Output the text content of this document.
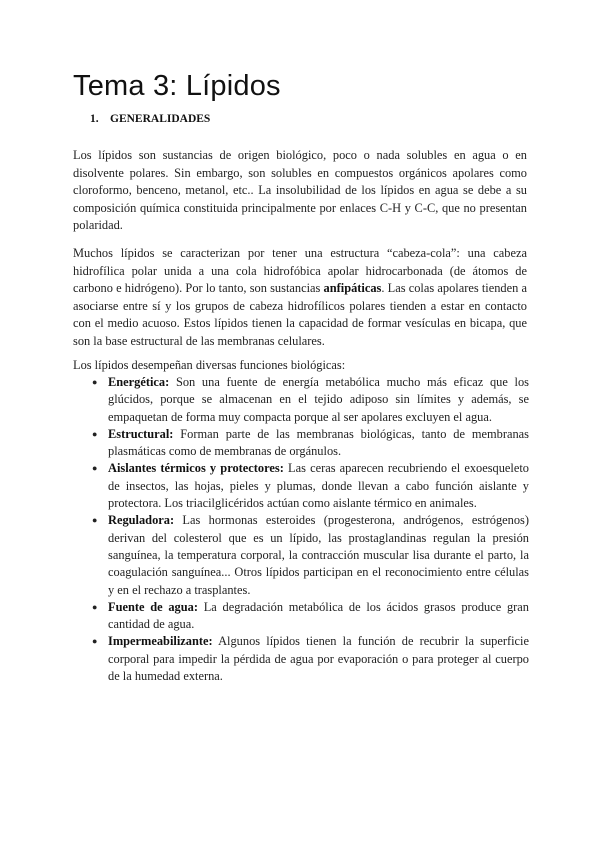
Tema 3: Lípidos
1. GENERALIDADES

Los lípidos son sustancias de origen biológico, poco o nada solubles en agua o en disolvente polares. Sin embargo, son solubles en compuestos orgánicos apolares como cloroformo, benceno, metanol, etc.. La insolubilidad de los lípidos en agua se debe a su composición química constituida principalmente por enlaces C-H y C-C, que no presentan polaridad.

Muchos lípidos se caracterizan por tener una estructura “cabeza-cola”: una cabeza hidrofílica polar unida a una cola hidrofóbica apolar hidrocarbonada (de átomos de carbono e hidrógeno). Por lo tanto, son sustancias anfipáticas. Las colas apolares tienden a asociarse entre sí y los grupos de cabeza hidrofílicos polares tienden a estar en contacto con el medio acuoso. Estos lípidos tienen la capacidad de formar vesículas en bicapa, que son la base estructural de las membranas celulares.

Los lípidos desempeñan diversas funciones biológicas:

● Energética: Son una fuente de energía metabólica mucho más eficaz que los glúcidos, porque se almacenan en el tejido adiposo sin límites y además, se empaquetan de forma muy compacta porque al ser apolares excluyen el agua.
● Estructural: Forman parte de las membranas biológicas, tanto de membranas plasmáticas como de membranas de orgánulos.
● Aislantes térmicos y protectores: Las ceras aparecen recubriendo el exoesqueleto de insectos, las hojas, pieles y plumas, donde llevan a cabo función aislante y protectora. Los triacilglicéridos actúan como aislante térmico en animales.
● Reguladora: Las hormonas esteroides (progesterona, andrógenos, estrógenos) derivan del colesterol que es un lípido, las prostaglandinas regulan la presión sanguínea, la temperatura corporal, la contracción muscular lisa durante el parto, la coagulación sanguínea... Otros lípidos participan en el reconocimiento entre células y en el rechazo a trasplantes.
● Fuente de agua: La degradación metabólica de los ácidos grasos produce gran cantidad de agua.
● Impermeabilizante: Algunos lípidos tienen la función de recubrir la superficie corporal para impedir la pérdida de agua por evaporación o para proteger al cuerpo de la humedad externa.
